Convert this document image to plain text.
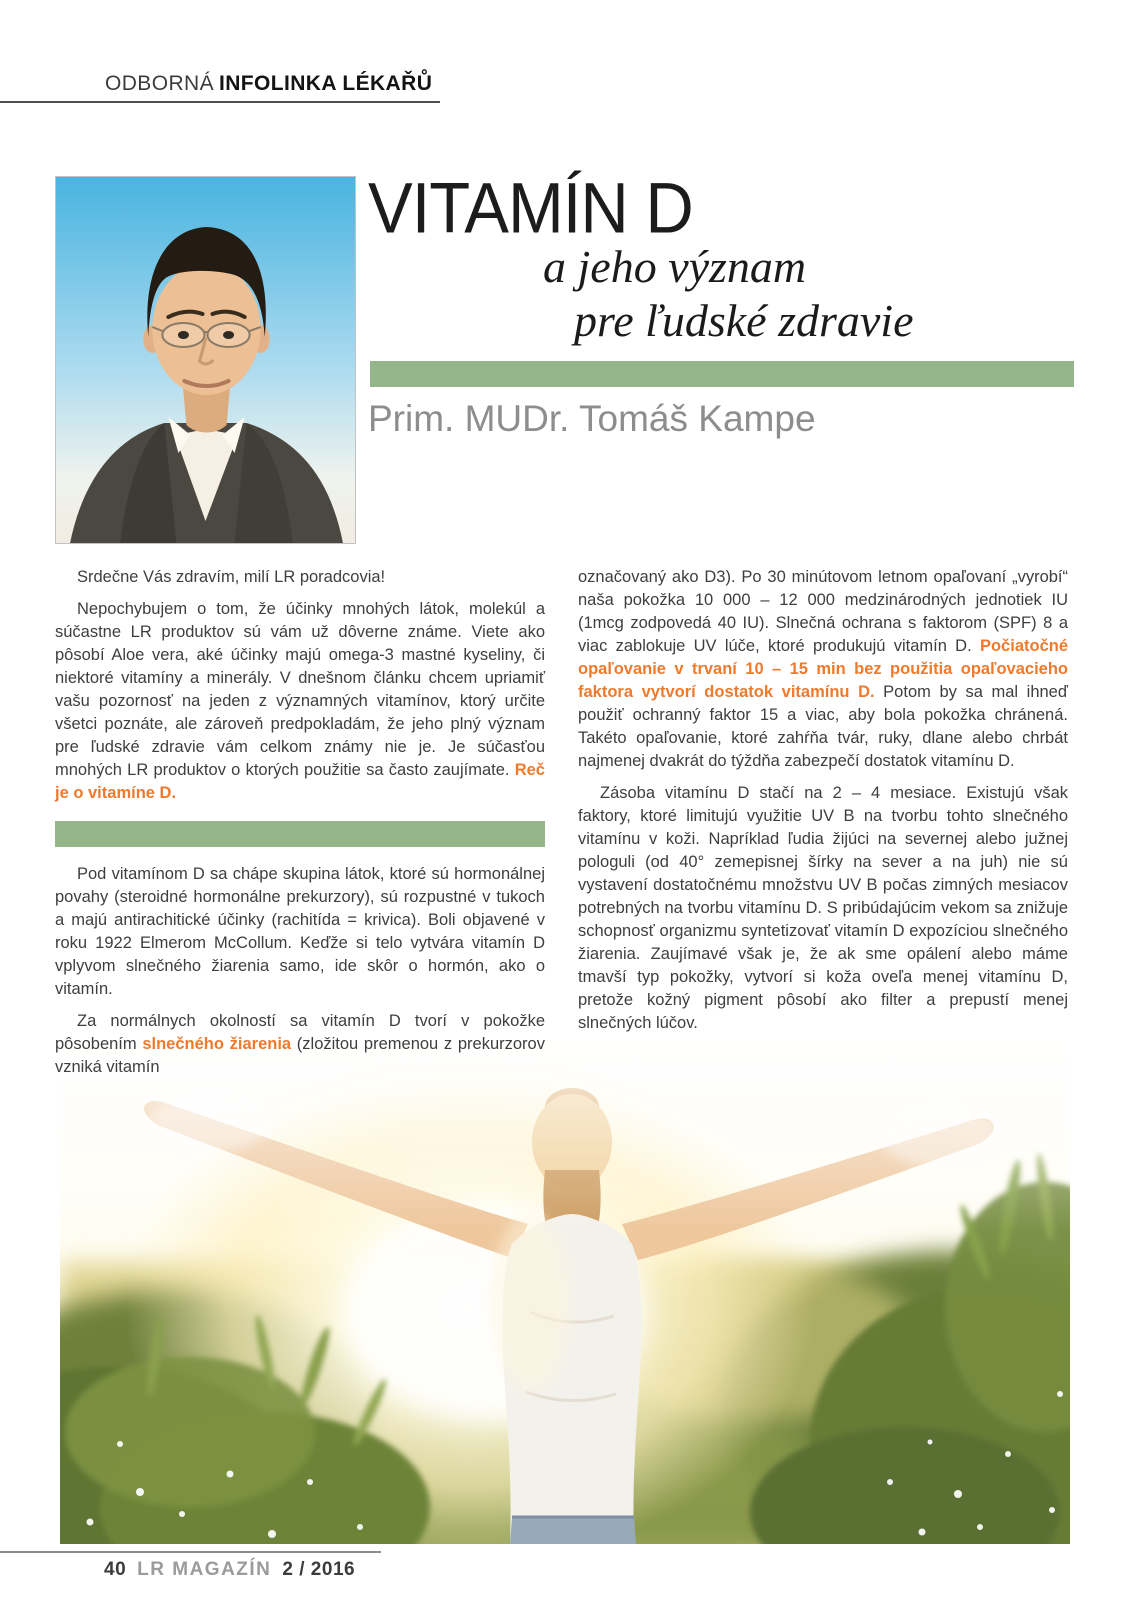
ODBORNÁ INFOLINKA LÉKAŘŮ
VITAMÍN D
a jeho význam
pre ľudské zdravie
Prim. MUDr. Tomáš Kampe

Srdečne Vás zdravím, milí LR poradcovia!

Nepochybujem o tom, že účinky mnohých látok, molekúl a súčastne LR produktov sú vám už dôverne známe. Viete ako pôsobí Aloe vera, aké účinky majú omega-3 mastné kyseliny, či niektoré vitamíny a minerály. V dnešnom článku chcem upriamiť vašu pozornosť na jeden z významných vitamínov, ktorý určite všetci poznáte, ale zároveň predpokladám, že jeho plný význam pre ľudské zdravie vám celkom známy nie je. Je súčasťou mnohých LR produktov o ktorých použitie sa často zaujímate. Reč je o vitamíne D.

Pod vitamínom D sa chápe skupina látok, ktoré sú hormonálnej povahy (steroidné hormonálne prekurzory), sú rozpustné v tukoch a majú antirachitické účinky (rachitída = krivica). Boli objavené v roku 1922 Elmerom McCollum. Keďže si telo vytvára vitamín D vplyvom slnečného žiarenia samo, ide skôr o hormón, ako o vitamín.

Za normálnych okolností sa vitamín D tvorí v pokožke pôsobením slnečného žiarenia (zložitou premenou z prekurzorov vzniká vitamín

označovaný ako D3). Po 30 minútovom letnom opaľovaní „vyrobí“ naša pokožka 10 000 – 12 000 medzinárodných jednotiek IU (1mcg zodpovedá 40 IU). Slnečná ochrana s faktorom (SPF) 8 a viac zablokuje UV lúče, ktoré produkujú vitamín D. Počiatočné opaľovanie v trvaní 10 – 15 min bez použitia opaľovacieho faktora vytvorí dostatok vitamínu D. Potom by sa mal ihneď použiť ochranný faktor 15 a viac, aby bola pokožka chránená. Takéto opaľovanie, ktoré zahŕňa tvár, ruky, dlane alebo chrbát najmenej dvakrát do týždňa zabezpečí dostatok vitamínu D.

Zásoba vitamínu D stačí na 2 – 4 mesiace. Existujú však faktory, ktoré limitujú využitie UV B na tvorbu tohto slnečného vitamínu v koži. Napríklad ľudia žijúci na severnej alebo južnej pologuli (od 40° zemepisnej šírky na sever a na juh) nie sú vystavení dostatočnému množstvu UV B počas zimných mesiacov potrebných na tvorbu vitamínu D. S pribúdajúcim vekom sa znižuje schopnosť organizmu syntetizovať vitamín D expozíciou slnečného žiarenia. Zaujímavé však je, že ak sme opálení alebo máme tmavší typ pokožky, vytvorí si koža oveľa menej vitamínu D, pretože kožný pigment pôsobí ako filter a prepustí menej slnečných lúčov.

40 LR MAGAZÍN 2 / 2016
